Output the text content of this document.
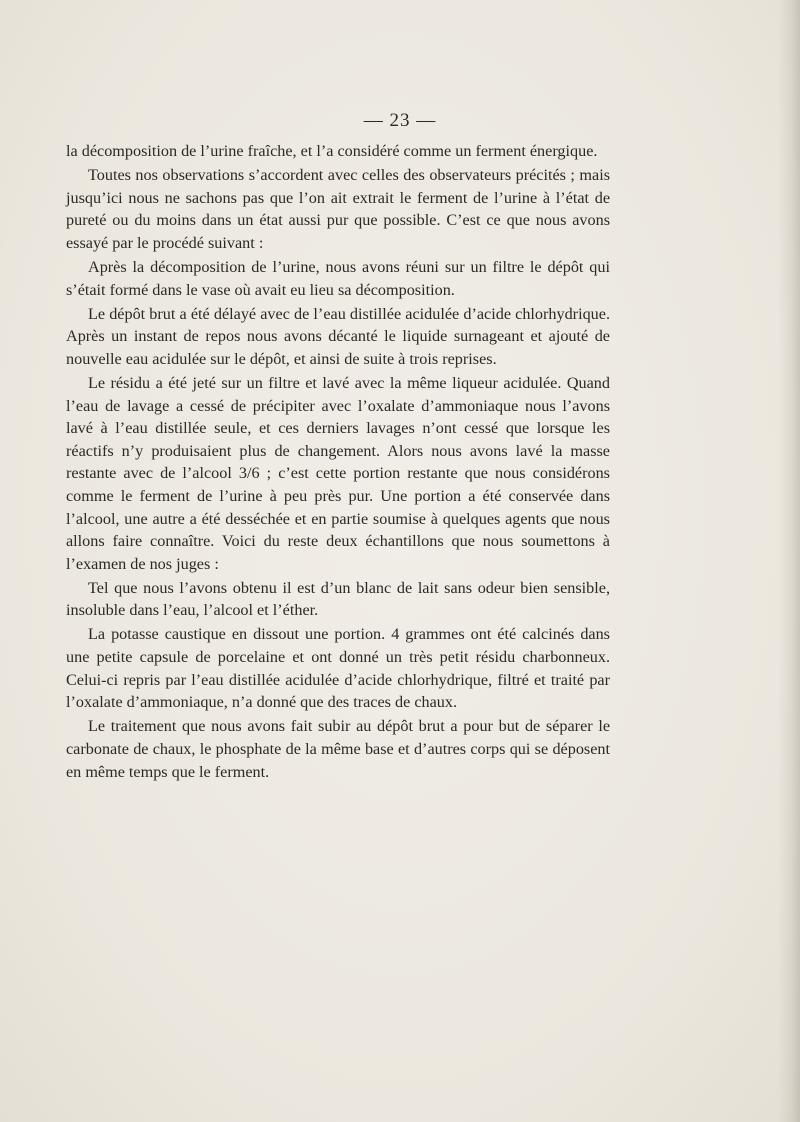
— 23 —

la décomposition de l’urine fraîche, et l’a considéré comme un ferment énergique.

Toutes nos observations s’accordent avec celles des observateurs précités ; mais jusqu’ici nous ne sachons pas que l’on ait extrait le ferment de l’urine à l’état de pureté ou du moins dans un état aussi pur que possible. C’est ce que nous avons essayé par le procédé suivant :

Après la décomposition de l’urine, nous avons réuni sur un filtre le dépôt qui s’était formé dans le vase où avait eu lieu sa décomposition.

Le dépôt brut a été délayé avec de l’eau distillée acidulée d’acide chlorhydrique. Après un instant de repos nous avons décanté le liquide surnageant et ajouté de nouvelle eau acidulée sur le dépôt, et ainsi de suite à trois reprises.

Le résidu a été jeté sur un filtre et lavé avec la même liqueur acidulée. Quand l’eau de lavage a cessé de précipiter avec l’oxalate d’ammoniaque nous l’avons lavé à l’eau distillée seule, et ces derniers lavages n’ont cessé que lorsque les réactifs n’y produisaient plus de changement. Alors nous avons lavé la masse restante avec de l’alcool 3/6 ; c’est cette portion restante que nous considérons comme le ferment de l’urine à peu près pur. Une portion a été conservée dans l’alcool, une autre a été desséchée et en partie soumise à quelques agents que nous allons faire connaître. Voici du reste deux échantillons que nous soumettons à l’examen de nos juges :

Tel que nous l’avons obtenu il est d’un blanc de lait sans odeur bien sensible, insoluble dans l’eau, l’alcool et l’éther.

La potasse caustique en dissout une portion. 4 grammes ont été calcinés dans une petite capsule de porcelaine et ont donné un très petit résidu charbonneux. Celui-ci repris par l’eau distillée acidulée d’acide chlorhydrique, filtré et traité par l’oxalate d’ammoniaque, n’a donné que des traces de chaux.

Le traitement que nous avons fait subir au dépôt brut a pour but de séparer le carbonate de chaux, le phosphate de la même base et d’autres corps qui se déposent en même temps que le ferment.
